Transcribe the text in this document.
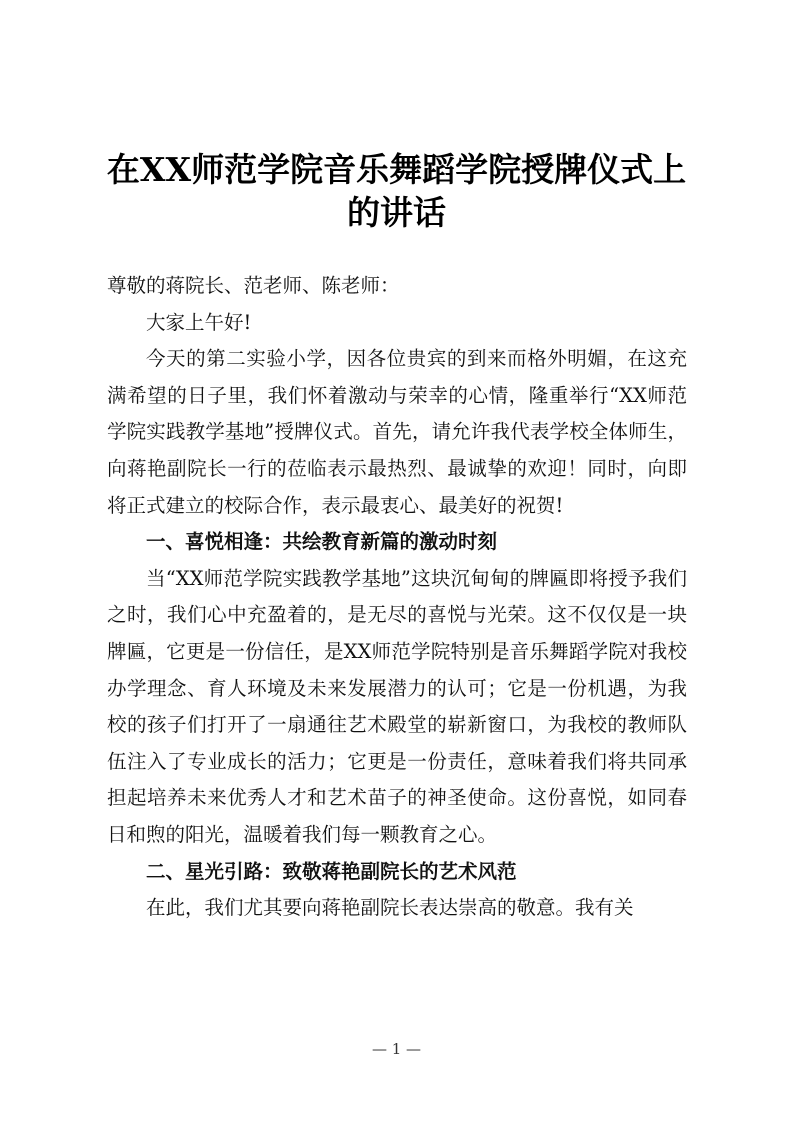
在XX师范学院音乐舞蹈学院授牌仪式上的讲话

尊敬的蒋院长、范老师、陈老师：

大家上午好!

今天的第二实验小学，因各位贵宾的到来而格外明媚，在这充满希望的日子里，我们怀着激动与荣幸的心情，隆重举行“XX师范学院实践教学基地”授牌仪式。首先，请允许我代表学校全体师生，向蒋艳副院长一行的莅临表示最热烈、最诚挚的欢迎！同时，向即将正式建立的校际合作，表示最衷心、最美好的祝贺!

一、喜悦相逢：共绘教育新篇的激动时刻

当“XX师范学院实践教学基地”这块沉甸甸的牌匾即将授予我们之时，我们心中充盈着的，是无尽的喜悦与光荣。这不仅仅是一块牌匾，它更是一份信任，是XX师范学院特别是音乐舞蹈学院对我校办学理念、育人环境及未来发展潜力的认可；它是一份机遇，为我校的孩子们打开了一扇通往艺术殿堂的崭新窗口，为我校的教师队伍注入了专业成长的活力；它更是一份责任，意味着我们将共同承担起培养未来优秀人才和艺术苗子的神圣使命。这份喜悦，如同春日和煦的阳光，温暖着我们每一颗教育之心。

二、星光引路：致敬蒋艳副院长的艺术风范

在此，我们尤其要向蒋艳副院长表达崇高的敬意。我有关

— 1 —
